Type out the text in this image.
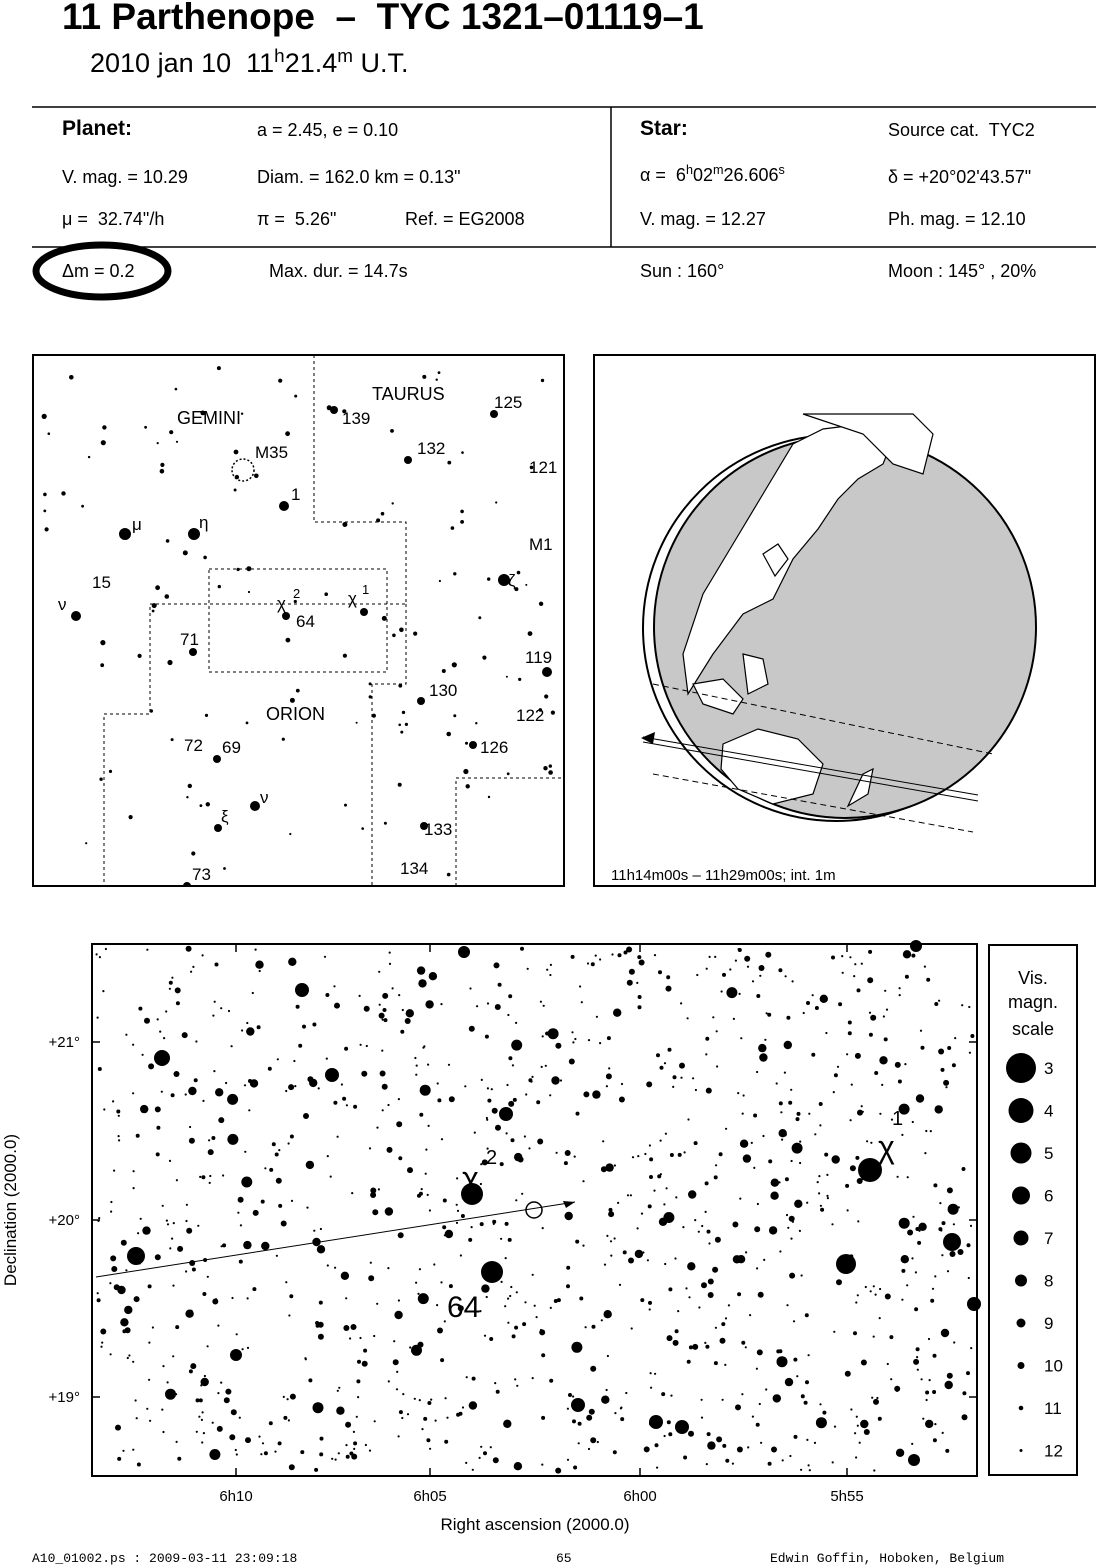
11 Parthenope  –  TYC 1321–01119–1
2010 jan 10  11$^h$21.4$^m$ U.T.
Planet:	a = 2.45, e = 0.10
V. mag. = 10.29	Diam. = 162.0 km = 0.13"
μ =  32.74"/h	π =  5.26"	Ref. = EG2008
Δm = 0.2	Max. dur. = 14.7s
Star:	Source cat.  TYC2
α =  6$^h$02$^m$26.606$^s$	δ = +20°02'43.57"
V. mag. = 12.27	Ph. mag. = 12.10
Sun : 160°	Moon : 145° , 20%
139
125
132
M35
121
1
M1
μ	η
ζ
15
ν	χ
2	χ 1
64
71
119
130
122
126
72 69
ν
ξ
133
134
73
GEMINI
TAURUS
ORION
11h14m00s – 11h29m00s; int. 1m
64
χ
2	χ
1
6h10	6h05	6h00	5h55
+21°
+20°
+19°
Right ascension (2000.0)
Declination (2000.0)
Vis.
magn.
scale
3
4
5
6
7
8
9
10
11
12
A10_01002.ps : 2009-03-11 23:09:18	65	Edwin Goffin, Hoboken, Belgium
